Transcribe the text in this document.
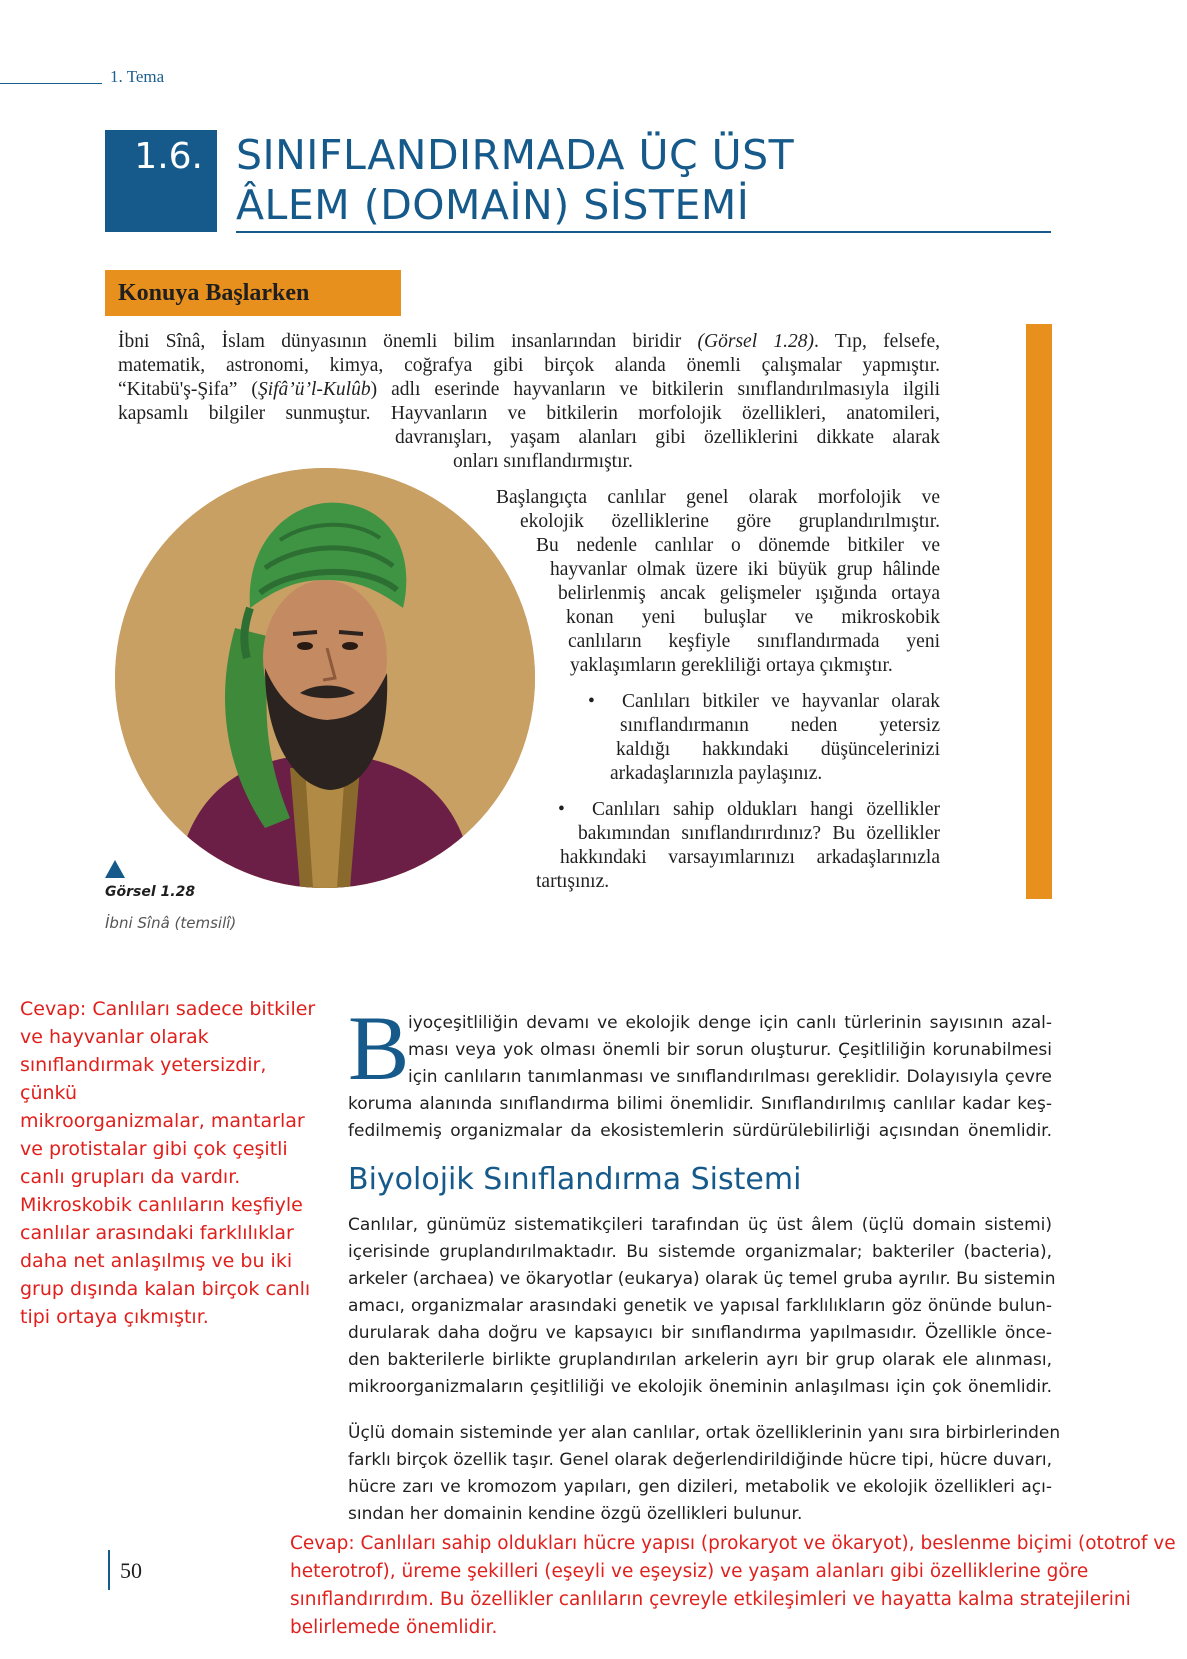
1. Tema
1.6. SINIFLANDIRMADA ÜÇ ÜST
ÂLEM (DOMAİN) SİSTEMİ
Konuya Başlarken
İbni Sînâ, İslam dünyasının önemli bilim insanlarından biridir (Görsel 1.28). Tıp, felsefe,
matematik, astronomi, kimya, coğrafya gibi birçok alanda önemli çalışmalar yapmıştır.
“Kitabü'ş-Şifa” (Şifâ’ü’l-Kulûb) adlı eserinde hayvanların ve bitkilerin sınıflandırılmasıyla ilgili
kapsamlı bilgiler sunmuştur. Hayvanların ve bitkilerin morfolojik özellikleri, anatomileri,
davranışları, yaşam alanları gibi özelliklerini dikkate alarak
onları sınıflandırmıştır.
Başlangıçta canlılar genel olarak morfolojik ve
ekolojik özelliklerine göre gruplandırılmıştır.
Bu nedenle canlılar o dönemde bitkiler ve
hayvanlar olmak üzere iki büyük grup hâlinde
belirlenmiş ancak gelişmeler ışığında ortaya
konan yeni buluşlar ve mikroskobik
canlıların keşfiyle sınıflandırmada yeni
yaklaşımların gerekliliği ortaya çıkmıştır.
• Canlıları bitkiler ve hayvanlar olarak
sınıflandırmanın neden yetersiz
kaldığı hakkındaki düşüncelerinizi
arkadaşlarınızla paylaşınız.
• Canlıları sahip oldukları hangi özellikler
bakımından sınıflandırırdınız? Bu özellikler
hakkındaki varsayımlarınızı arkadaşlarınızla
tartışınız.
Görsel 1.28
İbni Sînâ (temsilî)
Cevap: Canlıları sadece bitkiler
ve hayvanlar olarak
sınıflandırmak yetersizdir, çünkü
mikroorganizmalar, mantarlar
ve protistalar gibi çok çeşitli
canlı grupları da vardır.
Mikroskobik canlıların keşfiyle
canlılar arasındaki farklılıklar
daha net anlaşılmış ve bu iki
grup dışında kalan birçok canlı
tipi ortaya çıkmıştır.
B
iyoçeşitliliğin devamı ve ekolojik denge için canlı türlerinin sayısının azal-
ması veya yok olması önemli bir sorun oluşturur. Çeşitliliğin korunabilmesi
için canlıların tanımlanması ve sınıflandırılması gereklidir. Dolayısıyla çevre
koruma alanında sınıflandırma bilimi önemlidir. Sınıflandırılmış canlılar kadar keş-
fedilmemiş organizmalar da ekosistemlerin sürdürülebilirliği açısından önemlidir.
Biyolojik Sınıflandırma Sistemi
Canlılar, günümüz sistematikçileri tarafından üç üst âlem (üçlü domain sistemi)
içerisinde gruplandırılmaktadır. Bu sistemde organizmalar; bakteriler (bacteria),
arkeler (archaea) ve ökaryotlar (eukarya) olarak üç temel gruba ayrılır. Bu sistemin
amacı, organizmalar arasındaki genetik ve yapısal farklılıkların göz önünde bulun-
durularak daha doğru ve kapsayıcı bir sınıflandırma yapılmasıdır. Özellikle önce-
den bakterilerle birlikte gruplandırılan arkelerin ayrı bir grup olarak ele alınması,
mikroorganizmaların çeşitliliği ve ekolojik öneminin anlaşılması için çok önemlidir.
Üçlü domain sisteminde yer alan canlılar, ortak özelliklerinin yanı sıra birbirlerinden
farklı birçok özellik taşır. Genel olarak değerlendirildiğinde hücre tipi, hücre duvarı,
hücre zarı ve kromozom yapıları, gen dizileri, metabolik ve ekolojik özellikleri açı-
sından her domainin kendine özgü özellikleri bulunur.
Cevap: Canlıları sahip oldukları hücre yapısı (prokaryot ve ökaryot), beslenme biçimi (ototrof ve
heterotrof), üreme şekilleri (eşeyli ve eşeysiz) ve yaşam alanları gibi özelliklerine göre
sınıflandırırdım. Bu özellikler canlıların çevreyle etkileşimleri ve hayatta kalma stratejilerini
belirlemede önemlidir.
50
